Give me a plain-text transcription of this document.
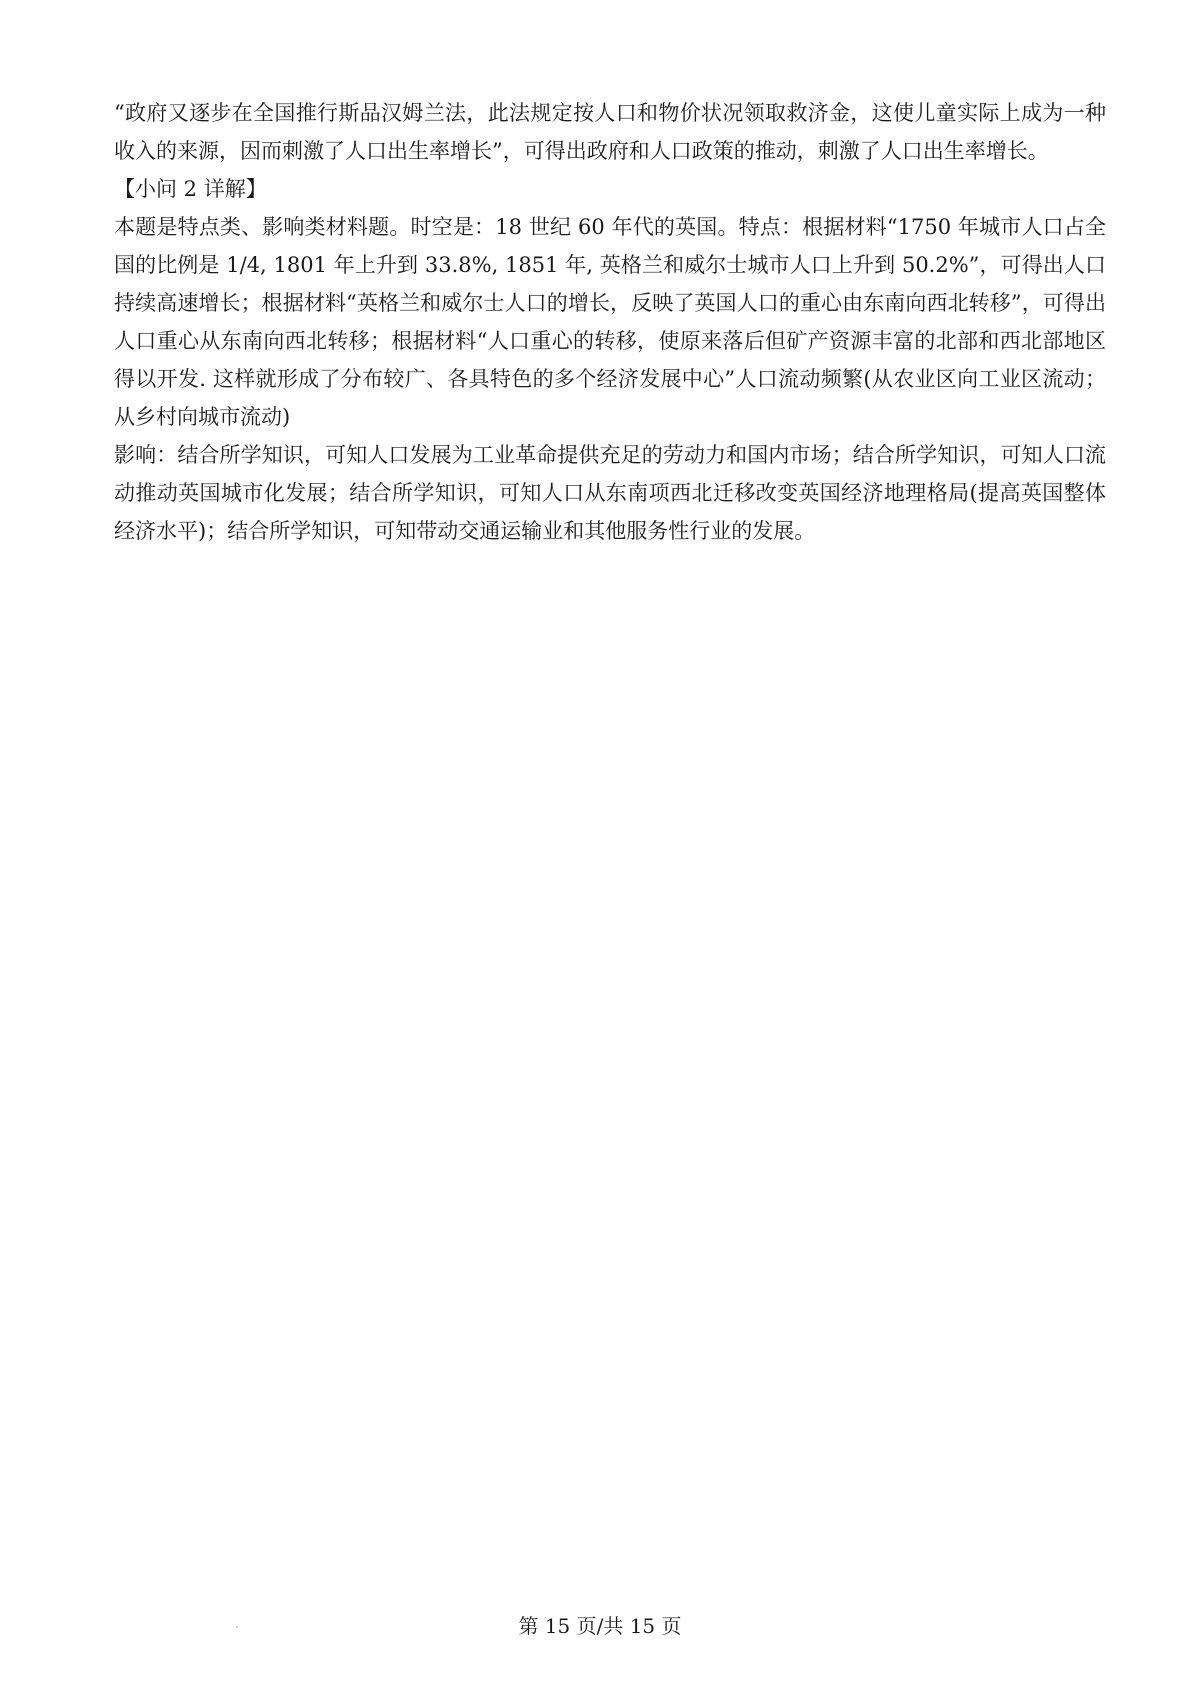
“政府又逐步在全国推行斯品汉姆兰法，此法规定按人口和物价状况领取救济金，这使儿童实际上成为一种收入的来源，因而刺激了人口出生率增长”，可得出政府和人口政策的推动，刺激了人口出生率增长。

【小问 2 详解】

本题是特点类、影响类材料题。时空是：18 世纪 60 年代的英国。特点：根据材料“1750 年城市人口占全国的比例是 1/4, 1801 年上升到 33.8%, 1851 年, 英格兰和威尔士城市人口上升到 50.2%”，可得出人口持续高速增长；根据材料“英格兰和威尔士人口的增长，反映了英国人口的重心由东南向西北转移”，可得出人口重心从东南向西北转移；根据材料“人口重心的转移，使原来落后但矿产资源丰富的北部和西北部地区得以开发. 这样就形成了分布较广、各具特色的多个经济发展中心”人口流动频繁(从农业区向工业区流动；从乡村向城市流动)

影响：结合所学知识，可知人口发展为工业革命提供充足的劳动力和国内市场；结合所学知识，可知人口流动推动英国城市化发展；结合所学知识，可知人口从东南项西北迁移改变英国经济地理格局(提高英国整体经济水平)；结合所学知识，可知带动交通运输业和其他服务性行业的发展。

第 15 页/共 15 页
